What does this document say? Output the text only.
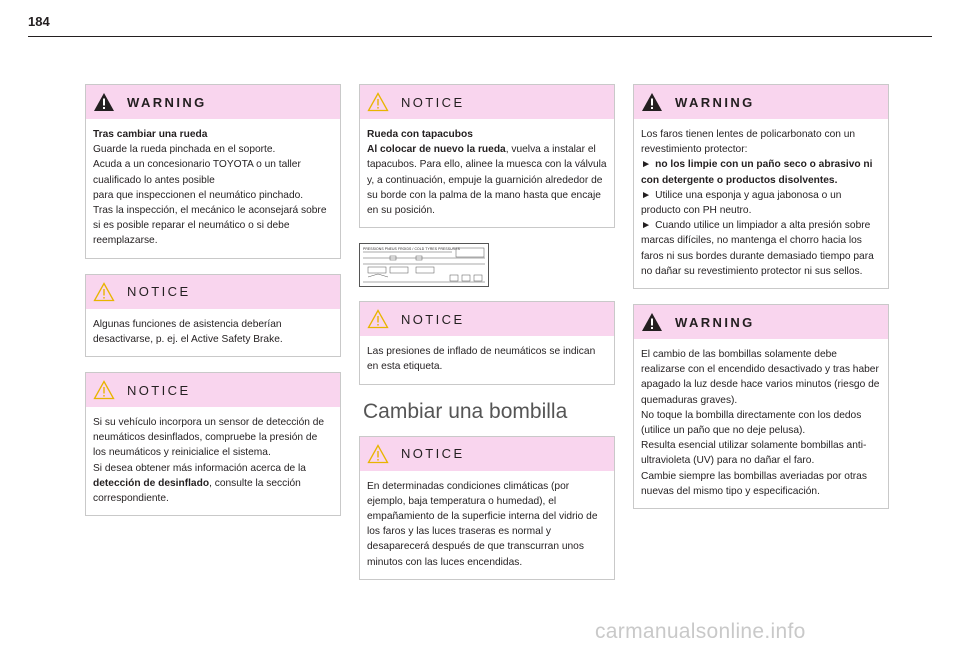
184
WARNING

Tras cambiar una rueda

Guarde la rueda pinchada en el soporte.

Acuda a un concesionario TOYOTA o un taller cualificado lo antes posible

para que inspeccionen el neumático pinchado.

Tras la inspección, el mecánico le aconsejará sobre si es posible reparar el neumático o si debe reemplazarse.

NOTICE

Algunas funciones de asistencia deberían desactivarse, p. ej. el Active Safety Brake.

NOTICE

Si su vehículo incorpora un sensor de detección de neumáticos desinflados, compruebe la presión de los neumáticos y reinicialice el sistema.

Si desea obtener más información acerca de la detección de desinflado, consulte la sección correspondiente.

NOTICE

Rueda con tapacubos

Al colocar de nuevo la rueda, vuelva a instalar el tapacubos. Para ello, alinee la muesca con la válvula y, a continuación, empuje la guarnición alrededor de su borde con la palma de la mano hasta que encaje en su posición.

PRESSIONS PNEUS FROIDS / COLD TYRES PRESSURES
NOTICE

Las presiones de inflado de neumáticos se indican en esta etiqueta.

Cambiar una bombilla
NOTICE

En determinadas condiciones climáticas (por ejemplo, baja temperatura o humedad), el empañamiento de la superficie interna del vidrio de los faros y las luces traseras es normal y desaparecerá después de que transcurran unos minutos con las luces encendidas.

WARNING

Los faros tienen lentes de policarbonato con un revestimiento protector:

► no los limpie con un paño seco o abrasivo ni con detergente o productos disolventes.

► Utilice una esponja y agua jabonosa o un producto con PH neutro.

► Cuando utilice un limpiador a alta presión sobre marcas difíciles, no mantenga el chorro hacia los faros ni sus bordes durante demasiado tiempo para no dañar su revestimiento protector ni sus sellos.

WARNING

El cambio de las bombillas solamente debe realizarse con el encendido desactivado y tras haber apagado la luz desde hace varios minutos (riesgo de quemaduras graves).

No toque la bombilla directamente con los dedos (utilice un paño que no deje pelusa).

Resulta esencial utilizar solamente bombillas anti-ultravioleta (UV) para no dañar el faro.

Cambie siempre las bombillas averiadas por otras nuevas del mismo tipo y especificación.

carmanualsonline.info
